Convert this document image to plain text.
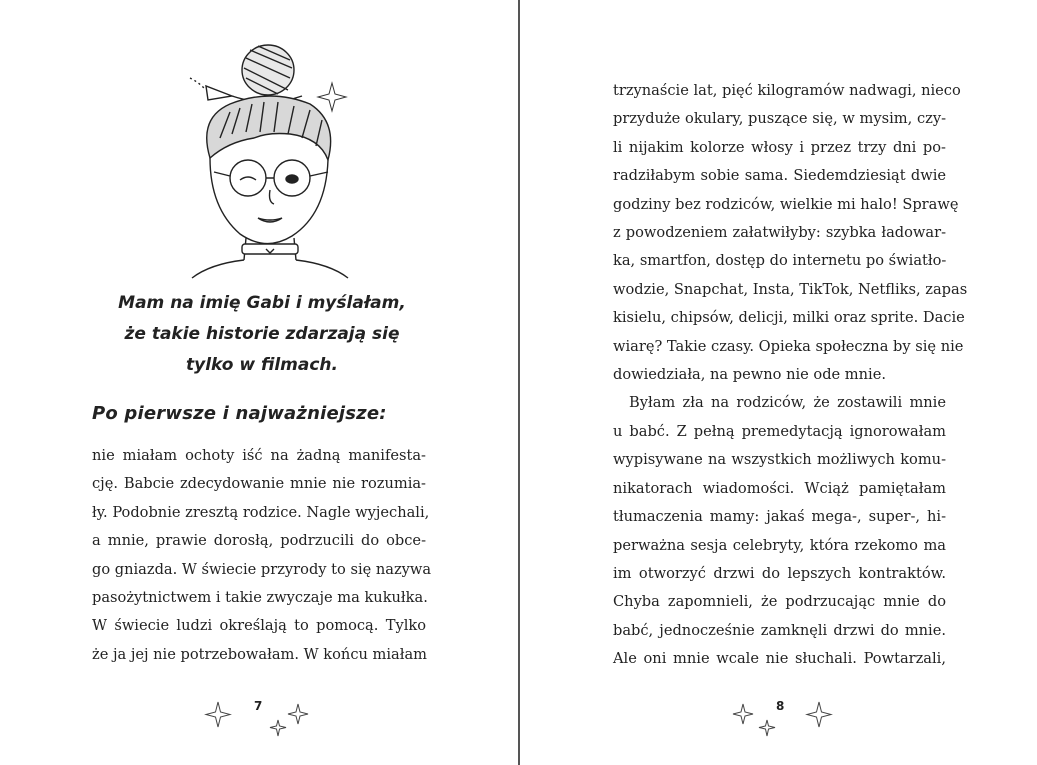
Mam na imię Gabi i myślałam,
że takie historie zdarzają się
tylko w filmach.
Po pierwsze i najważniejsze:
nie miałam ochoty iść na żadną manifesta-
cję. Babcie zdecydowanie mnie nie rozumia-
ły. Podobnie zresztą rodzice. Nagle wyjechali,
a mnie, prawie dorosłą, podrzucili do obce-
go gniazda. W świecie przyrody to się nazywa
pasożytnictwem i takie zwyczaje ma kukułka.
W świecie ludzi określają to pomocą. Tylko
że ja jej nie potrzebowałam. W końcu miałam
7
trzynaście lat, pięć kilogramów nadwagi, nieco
przyduże okulary, puszące się, w mysim, czy-
li nijakim kolorze włosy i przez trzy dni po-
radziłabym sobie sama. Siedemdziesiąt dwie
godziny bez rodziców, wielkie mi halo! Sprawę
z powodzeniem załatwiłyby: szybka ładowar-
ka, smartfon, dostęp do internetu po światło-
wodzie, Snapchat, Insta, TikTok, Netfliks, zapas
kisielu, chipsów, delicji, milki oraz sprite. Dacie
wiarę? Takie czasy. Opieka społeczna by się nie
dowiedziała, na pewno nie ode mnie.
Byłam zła na rodziców, że zostawili mnie
u babć. Z pełną premedytacją ignorowałam
wypisywane na wszystkich możliwych komu-
nikatorach wiadomości. Wciąż pamiętałam
tłumaczenia mamy: jakaś mega-, super-, hi-
perważna sesja celebryty, która rzekomo ma
im otworzyć drzwi do lepszych kontraktów.
Chyba zapomnieli, że podrzucając mnie do
babć, jednocześnie zamknęli drzwi do mnie.
Ale oni mnie wcale nie słuchali. Powtarzali,
8
